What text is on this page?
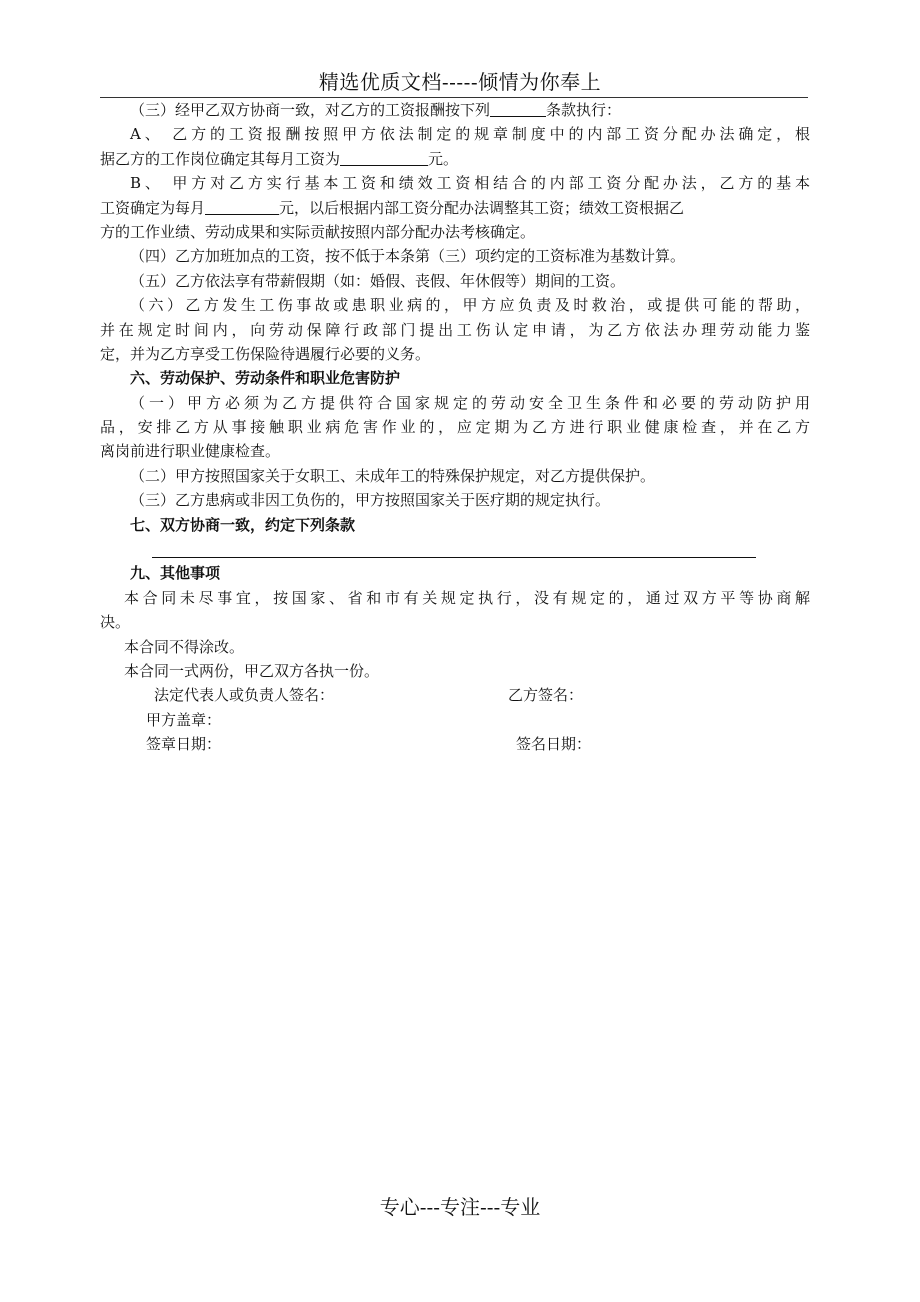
精选优质文档-----倾情为你奉上
（三）经甲乙双方协商一致，对乙方的工资报酬按下列	条款执行：
A、 乙方的工资报酬按照甲方依法制定的规章制度中的内部工资分配办法确定，根
据乙方的工作岗位确定其每月工资为	元。
B、 甲方对乙方实行基本工资和绩效工资相结合的内部工资分配办法，乙方的基本
工资确定为每月	元，以后根据内部工资分配办法调整其工资；绩效工资根据乙
方的工作业绩、劳动成果和实际贡献按照内部分配办法考核确定。
（四）乙方加班加点的工资，按不低于本条第（三）项约定的工资标准为基数计算。
（五）乙方依法享有带薪假期（如：婚假、丧假、年休假等）期间的工资。
（六）乙方发生工伤事故或患职业病的，甲方应负责及时救治，或提供可能的帮助，
并在规定时间内，向劳动保障行政部门提出工伤认定申请，为乙方依法办理劳动能力鉴
定，并为乙方享受工伤保险待遇履行必要的义务。
六、劳动保护、劳动条件和职业危害防护
（一）甲方必须为乙方提供符合国家规定的劳动安全卫生条件和必要的劳动防护用
品，安排乙方从事接触职业病危害作业的，应定期为乙方进行职业健康检查，并在乙方
离岗前进行职业健康检查。
（二）甲方按照国家关于女职工、未成年工的特殊保护规定，对乙方提供保护。
（三）乙方患病或非因工负伤的，甲方按照国家关于医疗期的规定执行。
七、双方协商一致，约定下列条款
九、其他事项
本合同未尽事宜，按国家、省和市有关规定执行，没有规定的，通过双方平等协商解
决。
本合同不得涂改。
本合同一式两份，甲乙双方各执一份。
法定代表人或负责人签名：	乙方签名：
甲方盖章：
签章日期：	签名日期：
专心---专注---专业
